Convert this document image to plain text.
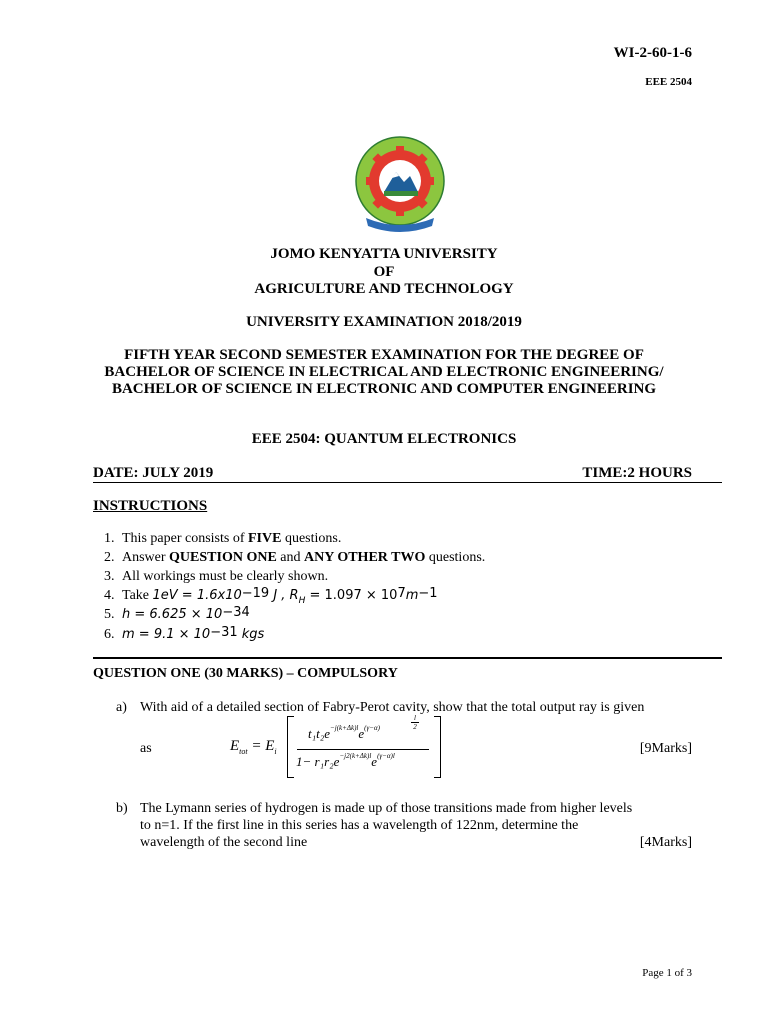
WI-2-60-1-6
EEE 2504
JOMO KENYATTA UNIVERSITY
OF
AGRICULTURE AND TECHNOLOGY
UNIVERSITY EXAMINATION 2018/2019
FIFTH YEAR SECOND SEMESTER EXAMINATION FOR THE DEGREE OF
BACHELOR OF SCIENCE IN ELECTRICAL AND ELECTRONIC ENGINEERING/
BACHELOR OF SCIENCE IN ELECTRONIC AND COMPUTER ENGINEERING
EEE 2504: QUANTUM ELECTRONICS
DATE: JULY 2019	TIME:2 HOURS
INSTRUCTIONS
1. This paper consists of FIVE questions.
2. Answer QUESTION ONE and ANY OTHER TWO questions.
3. All workings must be clearly shown.
4. Take $1eV = 1.6x10^{-19}$ J , $R_H = 1.097 \times 10^7m^{-1}$
5. $h = 6.625 \times 10^{-34}$
6. $m = 9.1 \times 10^{-31}$ kgs
QUESTION ONE (30 MARKS) – COMPULSORY
a) With aid of a detailed section of Fabry-Perot cavity, show that the total output ray is given
as	[9Marks]
$E_{tot} = E_i$
$t_1t_2e^{-j(k+\Delta k)l}e^{(\gamma-\alpha)}$
l
2
$1- r_1r_2e^{-j2(k+\Delta k)l}e^{(\gamma-\alpha)l}$
b) The Lymann series of hydrogen is made up of those transitions made from higher levels
to n=1. If the first line in this series has a wavelength of 122nm, determine the
wavelength of the second line	[4Marks]
Page 1 of 3
